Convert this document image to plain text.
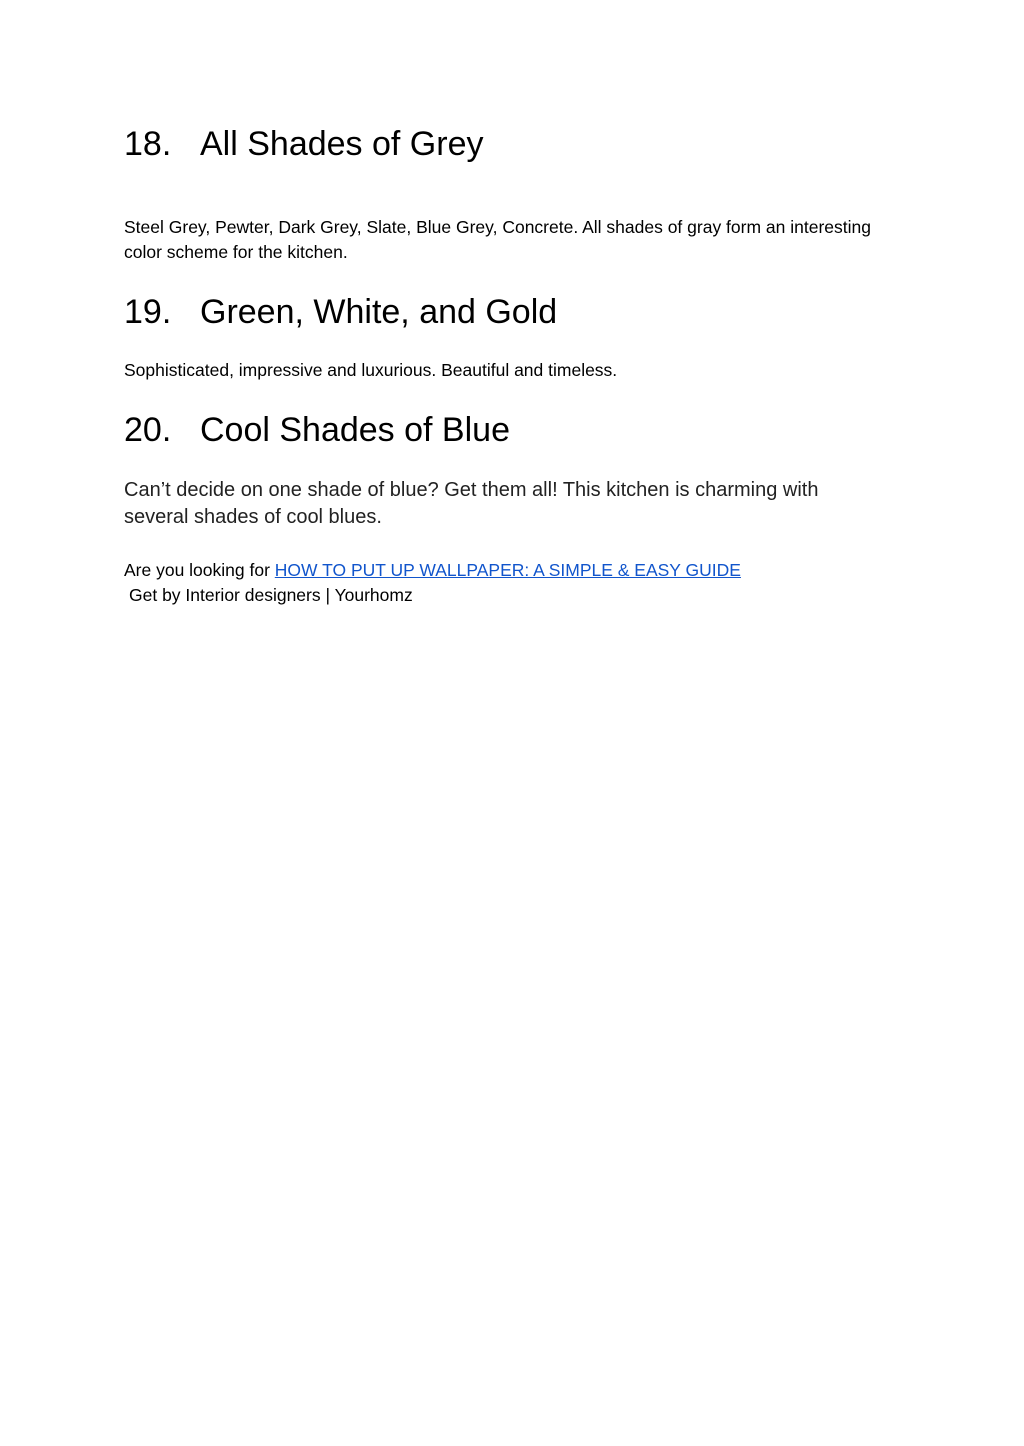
18. All Shades of Grey

Steel Grey, Pewter, Dark Grey, Slate, Blue Grey, Concrete. All shades of gray form an interesting color scheme for the kitchen.

19. Green, White, and Gold

Sophisticated, impressive and luxurious. Beautiful and timeless.

20. Cool Shades of Blue

Can’t decide on one shade of blue? Get them all! This kitchen is charming with several shades of cool blues.

Are you looking for HOW TO PUT UP WALLPAPER: A SIMPLE & EASY GUIDE
Get by Interior designers | Yourhomz
